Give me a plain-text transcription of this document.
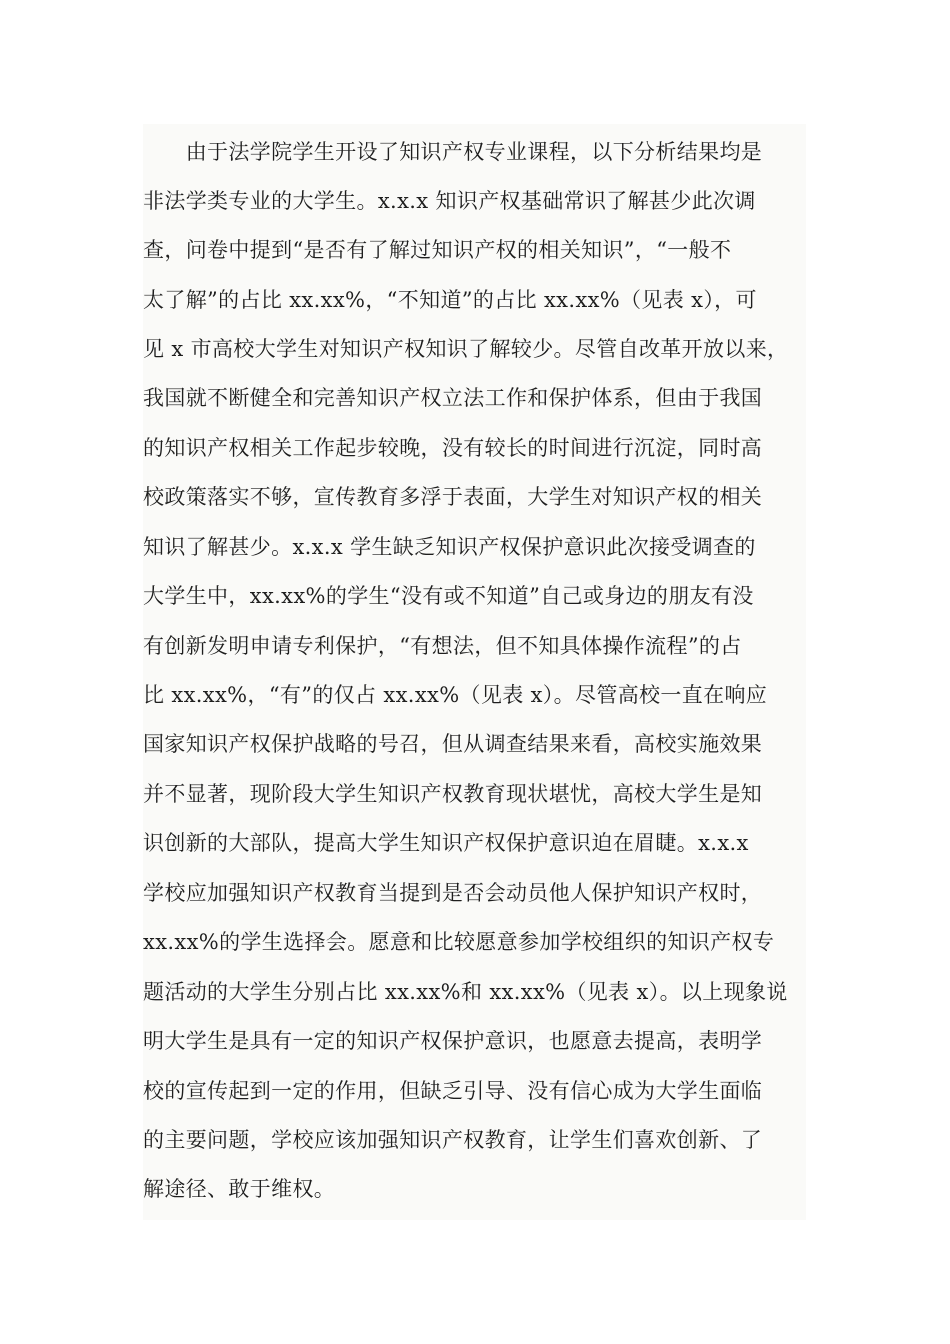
　　由于法学院学生开设了知识产权专业课程，以下分析结果均是
非法学类专业的大学生。x.x.x 知识产权基础常识了解甚少此次调
查，问卷中提到“是否有了解过知识产权的相关知识”，“一般不
太了解”的占比 xx.xx%，“不知道”的占比 xx.xx%（见表 x），可
见 x 市高校大学生对知识产权知识了解较少。尽管自改革开放以来，
我国就不断健全和完善知识产权立法工作和保护体系，但由于我国
的知识产权相关工作起步较晚，没有较长的时间进行沉淀，同时高
校政策落实不够，宣传教育多浮于表面，大学生对知识产权的相关
知识了解甚少。x.x.x 学生缺乏知识产权保护意识此次接受调查的
大学生中，xx.xx%的学生“没有或不知道”自己或身边的朋友有没
有创新发明申请专利保护，“有想法，但不知具体操作流程”的占
比 xx.xx%，“有”的仅占 xx.xx%（见表 x）。尽管高校一直在响应
国家知识产权保护战略的号召，但从调查结果来看，高校实施效果
并不显著，现阶段大学生知识产权教育现状堪忧，高校大学生是知
识创新的大部队，提高大学生知识产权保护意识迫在眉睫。x.x.x
学校应加强知识产权教育当提到是否会动员他人保护知识产权时，
xx.xx%的学生选择会。愿意和比较愿意参加学校组织的知识产权专
题活动的大学生分别占比 xx.xx%和 xx.xx%（见表 x）。以上现象说
明大学生是具有一定的知识产权保护意识，也愿意去提高，表明学
校的宣传起到一定的作用，但缺乏引导、没有信心成为大学生面临
的主要问题，学校应该加强知识产权教育，让学生们喜欢创新、了
解途径、敢于维权。
